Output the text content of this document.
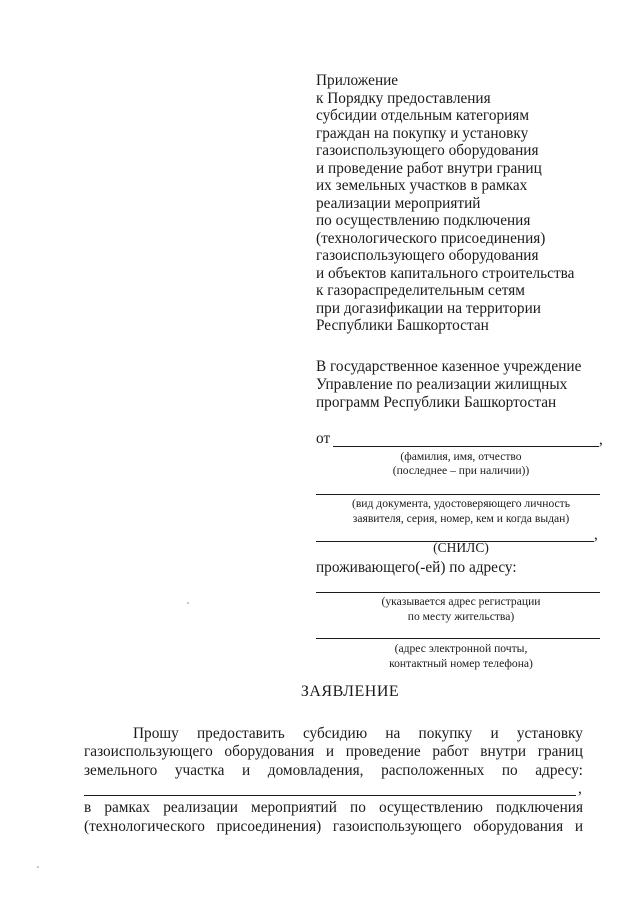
Приложение
к Порядку предоставления
субсидии отдельным категориям
граждан на покупку и установку
газоиспользующего оборудования
и проведение работ внутри границ
их земельных участков в рамках
реализации мероприятий
по осуществлению подключения
(технологического присоединения)
газоиспользующего оборудования
и объектов капитального строительства
к газораспределительным сетям
при догазификации на территории
Республики Башкортостан
В государственное казенное учреждение
Управление по реализации жилищных
программ Республики Башкортостан
от	,
(фамилия, имя, отчество
(последнее – при наличии))
(вид документа, удостоверяющего личность
заявителя, серия, номер, кем и когда выдан)
,
(СНИЛС)
проживающего(-ей) по адресу:
(указывается адрес регистрации
по месту жительства)
(адрес электронной почты,
контактный номер телефона)
ЗАЯВЛЕНИЕ
Прошу предоставить субсидию на покупку и установку
газоиспользующего оборудования и проведение работ внутри границ
земельного участка и домовладения, расположенных по адресу:
,
в рамках реализации мероприятий по осуществлению подключения
(технологического присоединения) газоиспользующего оборудования и
